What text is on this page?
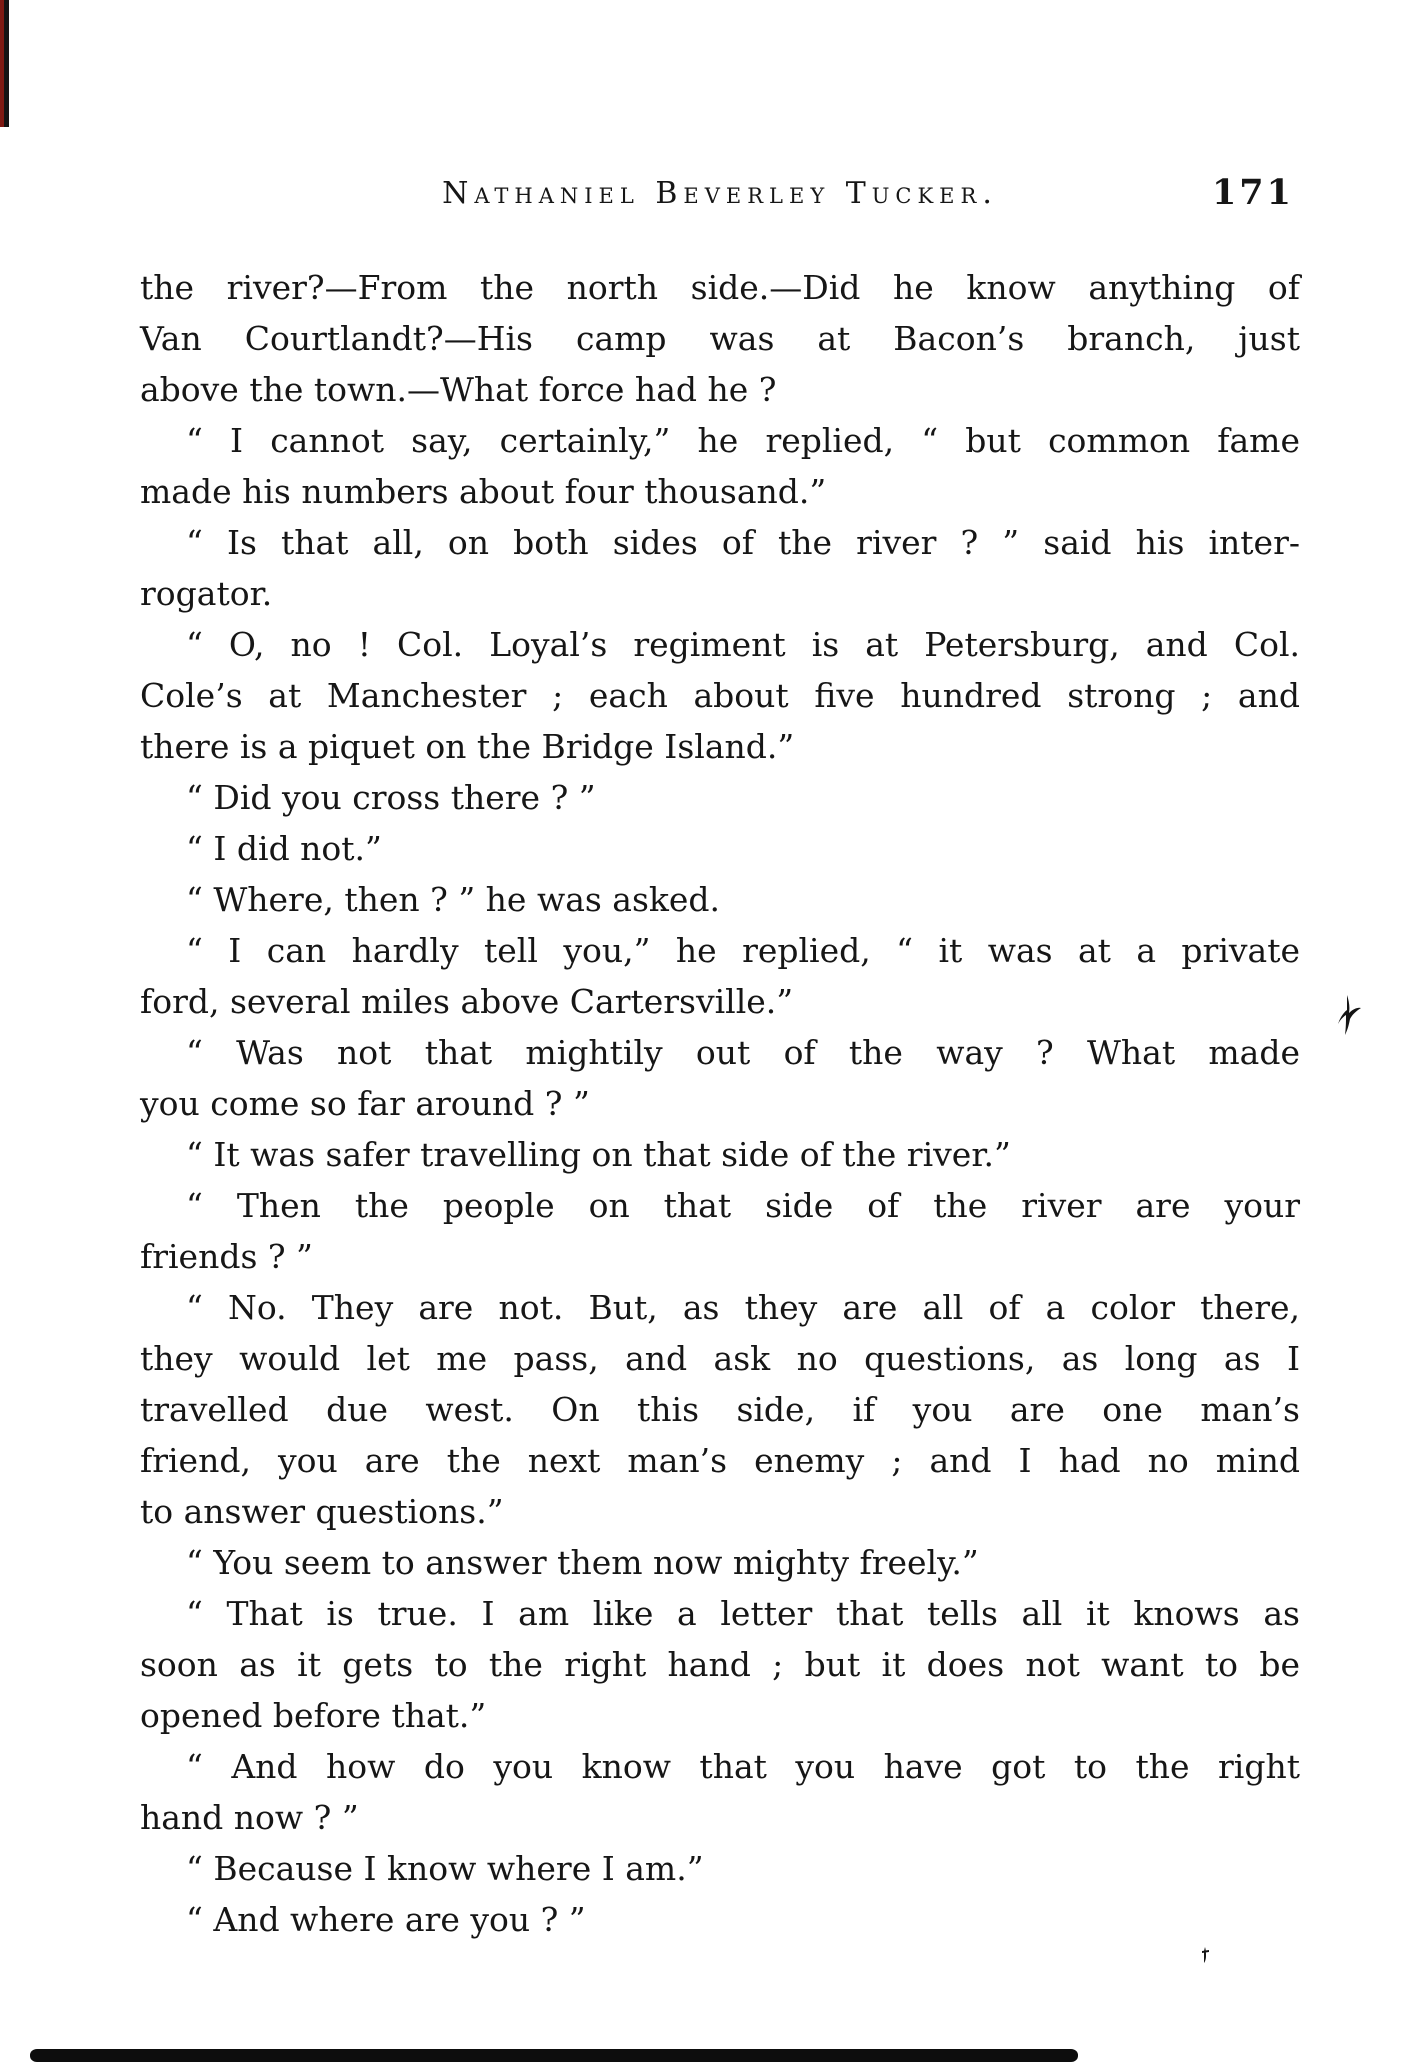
Nathaniel Beverley Tucker.	171
the river?—From the north side.—Did he know anything of
Van Courtlandt?—His camp was at Bacon’s branch, just
above the town.—What force had he ?
“ I cannot say, certainly,” he replied, “ but common fame
made his numbers about four thousand.”
“ Is that all, on both sides of the river ? ” said his inter-
rogator.
“ O, no ! Col. Loyal’s regiment is at Petersburg, and Col.
Cole’s at Manchester ; each about five hundred strong ; and
there is a piquet on the Bridge Island.”
“ Did you cross there ? ”
“ I did not.”
“ Where, then ? ” he was asked.
“ I can hardly tell you,” he replied, “ it was at a private
ford, several miles above Cartersville.”
“ Was not that mightily out of the way ? What made
you come so far around ? ”
“ It was safer travelling on that side of the river.”
“ Then the people on that side of the river are your
friends ? ”
“ No. They are not. But, as they are all of a color there,
they would let me pass, and ask no questions, as long as I
travelled due west. On this side, if you are one man’s
friend, you are the next man’s enemy ; and I had no mind
to answer questions.”
“ You seem to answer them now mighty freely.”
“ That is true. I am like a letter that tells all it knows as
soon as it gets to the right hand ; but it does not want to be
opened before that.”
“ And how do you know that you have got to the right
hand now ? ”
“ Because I know where I am.”
“ And where are you ? ”
